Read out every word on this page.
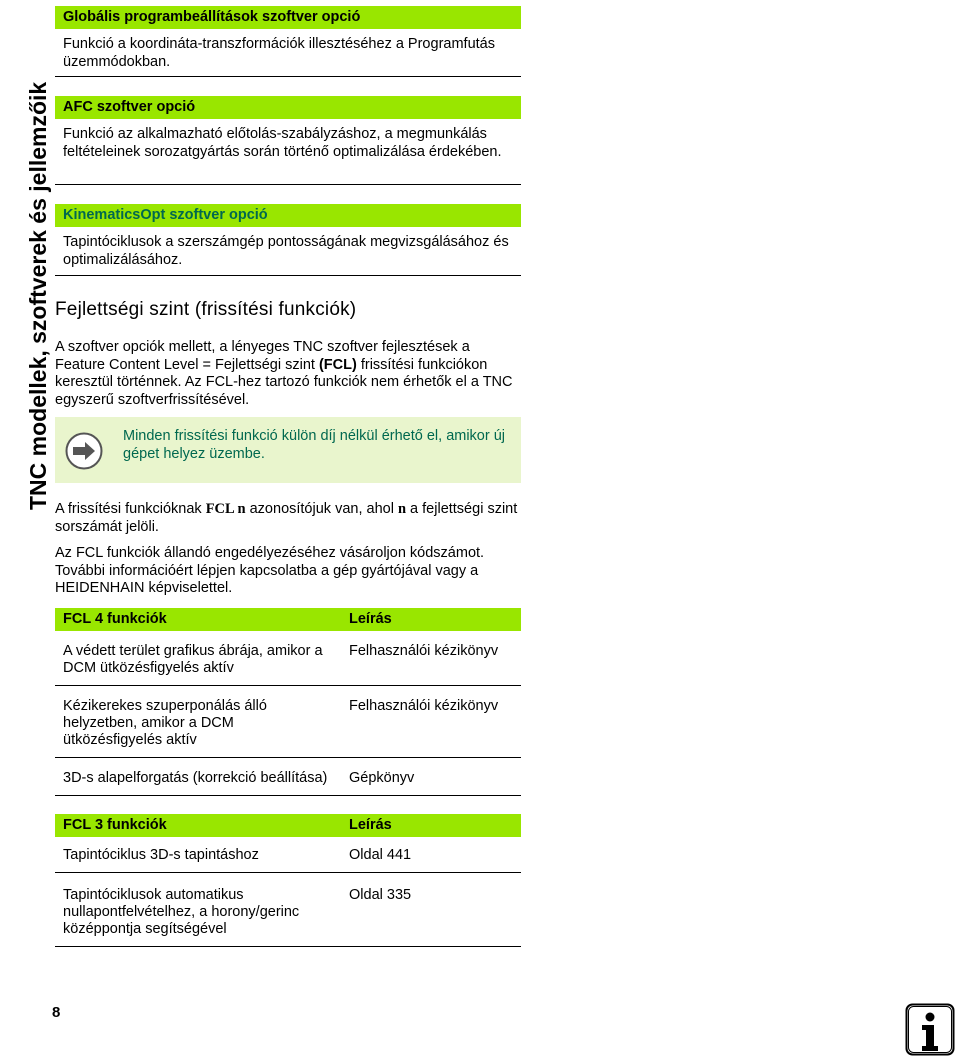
TNC modellek, szoftverek és jellemzőik
Globális programbeállítások szoftver opció

Funkció a koordináta-transzformációk illesztéséhez a Programfutás üzemmódokban.

AFC szoftver opció

Funkció az alkalmazható előtolás-szabályzáshoz, a megmunkálás feltételeinek sorozatgyártás során történő optimalizálása érdekében.

KinematicsOpt szoftver opció

Tapintóciklusok a szerszámgép pontosságának megvizsgálásához és optimalizálásához.

Fejlettségi szint (frissítési funkciók)

A szoftver opciók mellett, a lényeges TNC szoftver fejlesztések a Feature Content Level = Fejlettségi szint (FCL) frissítési funkciókon keresztül történnek. Az FCL-hez tartozó funkciók nem érhetők el a TNC egyszerű szoftverfrissítésével.

Minden frissítési funkció külön díj nélkül érhető el, amikor új gépet helyez üzembe.

A frissítési funkcióknak FCL n azonosítójuk van, ahol n a fejlettségi szint sorszámát jelöli.

Az FCL funkciók állandó engedélyezéséhez vásároljon kódszámot. További információért lépjen kapcsolatba a gép gyártójával vagy a HEIDENHAIN képviselettel.

FCL 4 funkciók	Leírás
A védett terület grafikus ábrája, amikor a DCM ütközésfigyelés aktív	Felhasználói kézikönyv
Kézikerekes szuperponálás álló helyzetben, amikor a DCM ütközésfigyelés aktív	Felhasználói kézikönyv
3D-s alapelforgatás (korrekció beállítása)	Gépkönyv
FCL 3 funkciók	Leírás
Tapintóciklus 3D-s tapintáshoz	Oldal 441
Tapintóciklusok automatikus nullapontfelvételhez, a horony/gerinc középpontja segítségével	Oldal 335
8
